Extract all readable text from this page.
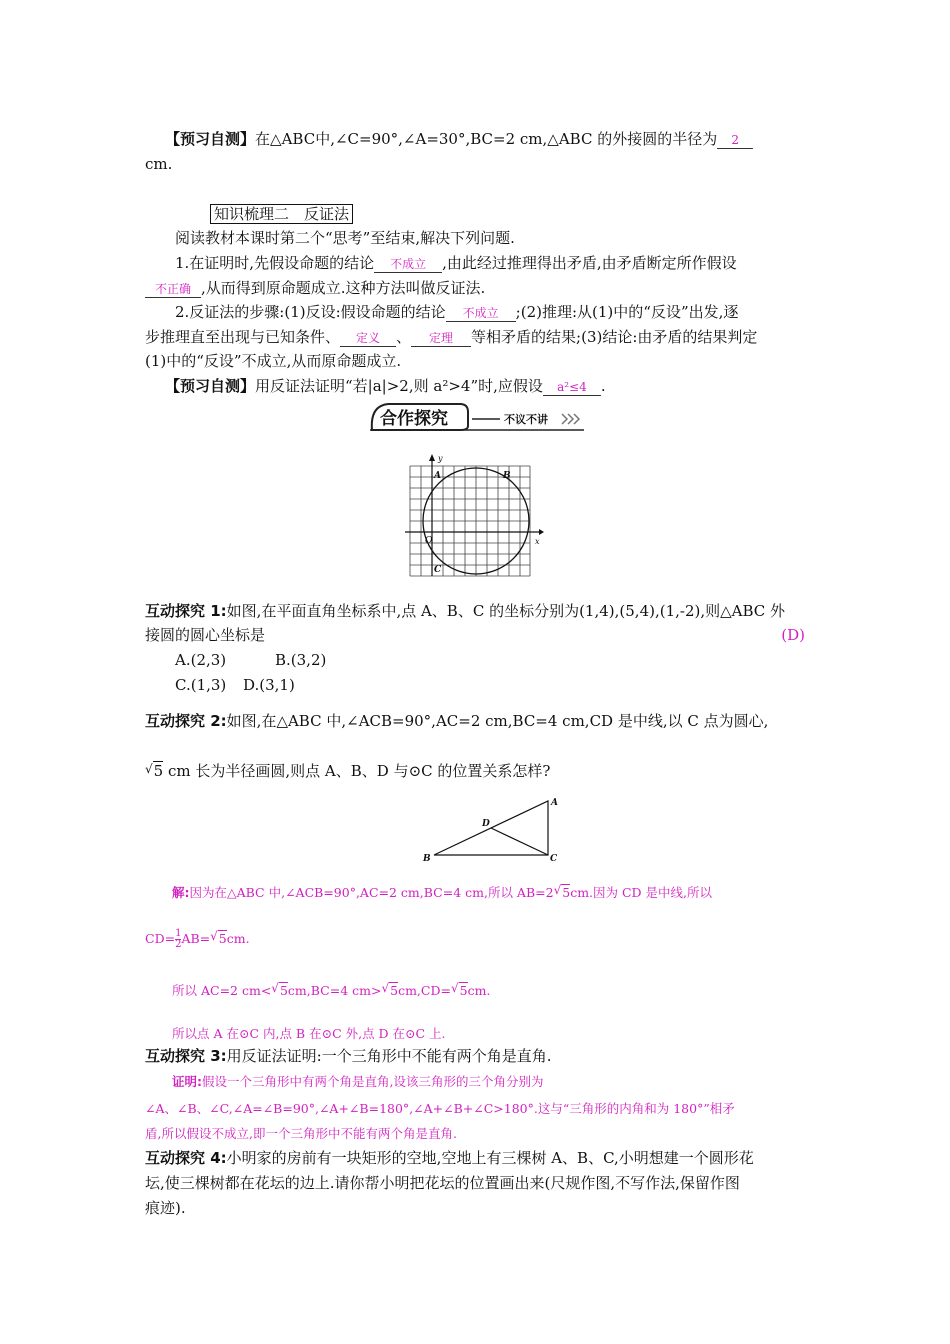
【预习自测】在△ABC中,∠C=90°,∠A=30°,BC=2 cm,△ABC 的外接圆的半径为 2
cm.
知识梳理二　反证法
阅读教材本课时第二个“思考”至结束,解决下列问题.
1.在证明时,先假设命题的结论 不成立 ,由此经过推理得出矛盾,由矛盾断定所作假设
不正确 ,从而得到原命题成立.这种方法叫做反证法.
2.反证法的步骤:(1)反设:假设命题的结论 不成立 ;(2)推理:从(1)中的“反设”出发,逐
步推理直至出现与已知条件、 定义 、 定理 等相矛盾的结果;(3)结论:由矛盾的结果判定
(1)中的“反设”不成立,从而原命题成立.
【预习自测】用反证法证明“若|a|>2,则 a²>4”时,应假设 a²≤4 .
合作探究	不议不讲
y
x
O
A	B
C
互动探究 1:如图,在平面直角坐标系中,点 A、B、C 的坐标分别为(1,4),(5,4),(1,-2),则△ABC 外
接圆的圆心坐标是	(D)
A.(2,3)	B.(3,2)
C.(1,3) D.(3,1)
互动探究 2:如图,在△ABC 中,∠ACB=90°,AC=2 cm,BC=4 cm,CD 是中线,以 C 点为圆心,
√5 cm 长为半径画圆,则点 A、B、D 与⊙C 的位置关系怎样?
A
B	C
D
解:因为在△ABC 中,∠ACB=90°,AC=2 cm,BC=4 cm,所以 AB=2√5cm.因为 CD 是中线,所以
$CD= \frac{1}{2} AB=√5cm$.
所以 AC=2 cm<√5cm,BC=4 cm>√5cm,CD=√5cm.
所以点 A 在⊙C 内,点 B 在⊙C 外,点 D 在⊙C 上.
互动探究 3:用反证法证明:一个三角形中不能有两个角是直角.
证明:假设一个三角形中有两个角是直角,设该三角形的三个角分别为
∠A、∠B、∠C,∠A=∠B=90°,∠A+∠B=180°,∠A+∠B+∠C>180°.这与“三角形的内角和为 180°”相矛
盾,所以假设不成立,即一个三角形中不能有两个角是直角.
互动探究 4:小明家的房前有一块矩形的空地,空地上有三棵树 A、B、C,小明想建一个圆形花
坛,使三棵树都在花坛的边上.请你帮小明把花坛的位置画出来(尺规作图,不写作法,保留作图
痕迹).
